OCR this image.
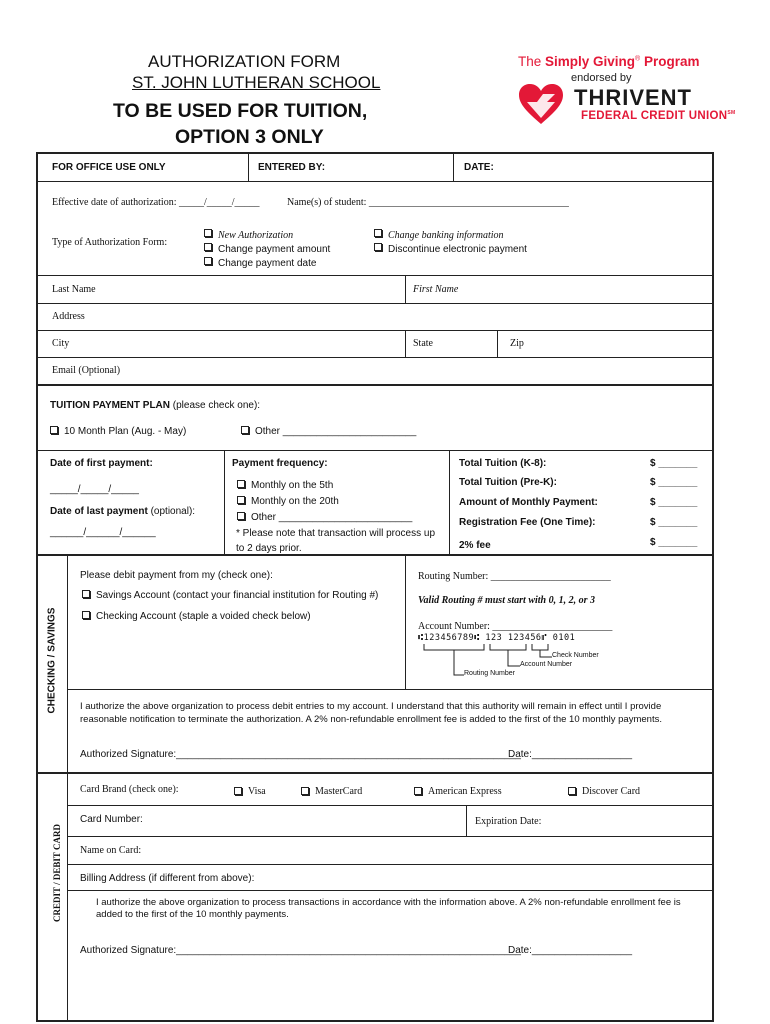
AUTHORIZATION FORM
ST. JOHN LUTHERAN SCHOOL
TO BE USED FOR TUITION,
OPTION 3 ONLY
The Simply Giving® Program
endorsed by
THRIVENT
FEDERAL CREDIT UNION℠
FOR OFFICE USE ONLY	ENTERED BY:	DATE:
Effective date of authorization: _____/_____/_____	Name(s) of student: ________________________________________
Type of Authorization Form:
New Authorization
Change payment amount
Change payment date
Change banking information
Discontinue electronic payment
Last Name	First Name
Address
City	State	Zip
Email (Optional)
TUITION PAYMENT PLAN (please check one):
10 Month Plan (Aug. - May)	Other ________________________
Date of first payment:
_____/_____/_____
Date of last payment (optional):
______/______/______
Payment frequency:
Monthly on the 5th
Monthly on the 20th
Other ________________________
* Please note that transaction will process up
to 2 days prior.
Total Tuition (K-8):	$ _______
Total Tuition (Pre-K):	$ _______
Amount of Monthly Payment:	$ _______
Registration Fee (One Time):	$ _______
2% fee	$ _______
CHECKING / SAVINGS
Please debit payment from my (check one):
Savings Account (contact your financial institution for Routing #)
Checking Account (staple a voided check below)
Routing Number: ________________________
Valid Routing # must start with 0, 1, 2, or 3
Account Number: ________________________
⑆123456789⑆ 123 123456⑈ 0101
Check Number
Account Number
Routing Number
I authorize the above organization to process debit entries to my account. I understand that this authority will remain in effect until I provide reasonable notification to terminate the authorization. A 2% non-refundable enrollment fee is added to the first of the 10 monthly payments.
Authorized Signature:______________________________________________________________
Date:__________________
CREDIT / DEBIT CARD
Card Brand (check one):	Visa	MasterCard	American Express	Discover Card
Card Number:	Expiration Date:
Name on Card:
Billing Address (if different from above):
I authorize the above organization to process transactions in accordance with the information above. A 2% non-refundable enrollment fee is added to the first of the 10 monthly payments.
Authorized Signature:______________________________________________________________
Date:__________________
